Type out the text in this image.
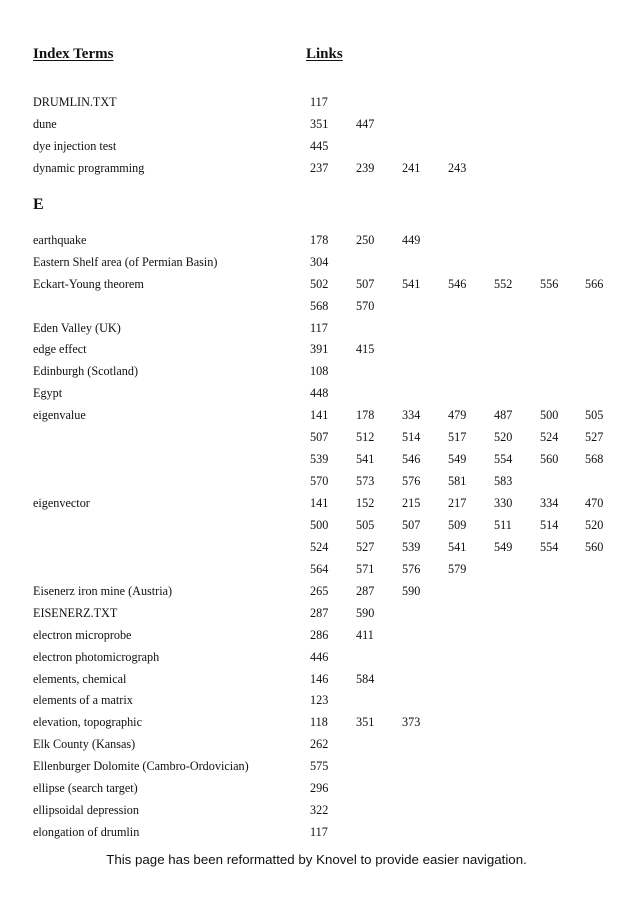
Index Terms	Links
DRUMLIN.TXT	117
dune	351 447
dye injection test	445
dynamic programming	237 239 241 243
E
earthquake	178 250 449
Eastern Shelf area (of Permian Basin)	304
Eckart-Young theorem	502 507 541 546 552 556 566
568 570
Eden Valley (UK)	117
edge effect	391 415
Edinburgh (Scotland)	108
Egypt	448
eigenvalue	141 178 334 479 487 500 505
507 512 514 517 520 524 527
539 541 546 549 554 560 568
570 573 576 581 583
eigenvector	141 152 215 217 330 334 470
500 505 507 509 511 514 520
524 527 539 541 549 554 560
564 571 576 579
Eisenerz iron mine (Austria)	265 287 590
EISENERZ.TXT	287 590
electron microprobe	286 411
electron photomicrograph	446
elements, chemical	146 584
elements of a matrix	123
elevation, topographic	118 351 373
Elk County (Kansas)	262
Ellenburger Dolomite (Cambro-Ordovician)	575
ellipse (search target)	296
ellipsoidal depression	322
elongation of drumlin	117
This page has been reformatted by Knovel to provide easier navigation.
